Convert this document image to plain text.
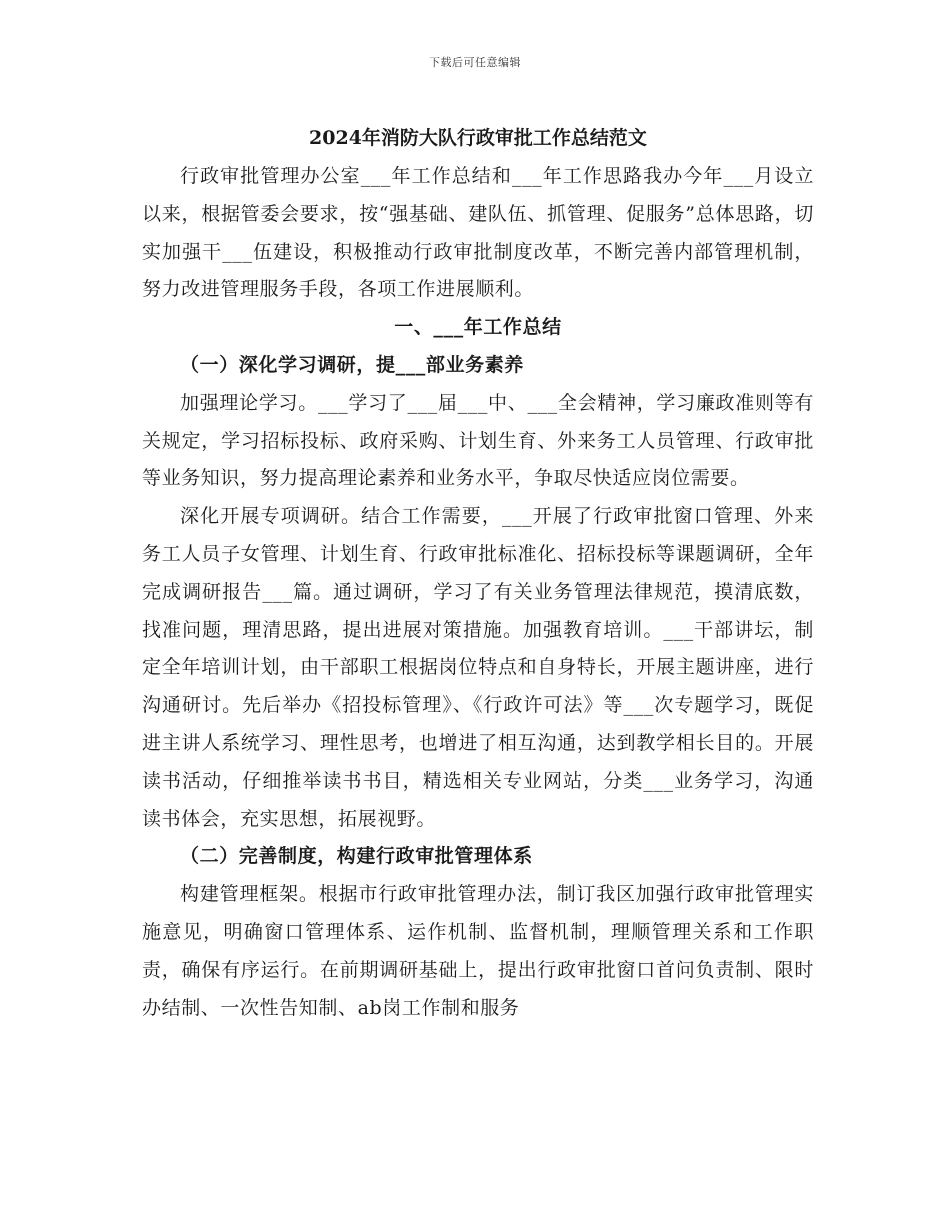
下载后可任意编辑
2024年消防大队行政审批工作总结范文

行政审批管理办公室___年工作总结和___年工作思路我办今年___月设立以来，根据管委会要求，按“强基础、建队伍、抓管理、促服务”总体思路，切实加强干___伍建设，积极推动行政审批制度改革，不断完善内部管理机制，努力改进管理服务手段，各项工作进展顺利。

一、___年工作总结

（一）深化学习调研，提___部业务素养

加强理论学习。___学习了___届___中、___全会精神，学习廉政准则等有关规定，学习招标投标、政府采购、计划生育、外来务工人员管理、行政审批等业务知识，努力提高理论素养和业务水平，争取尽快适应岗位需要。

深化开展专项调研。结合工作需要，___开展了行政审批窗口管理、外来务工人员子女管理、计划生育、行政审批标准化、招标投标等课题调研，全年完成调研报告___篇。通过调研，学习了有关业务管理法律规范，摸清底数，找准问题，理清思路，提出进展对策措施。加强教育培训。___干部讲坛，制定全年培训计划，由干部职工根据岗位特点和自身特长，开展主题讲座，进行沟通研讨。先后举办《招投标管理》、《行政许可法》等___次专题学习，既促进主讲人系统学习、理性思考，也增进了相互沟通，达到教学相长目的。开展读书活动，仔细推举读书书目，精选相关专业网站，分类___业务学习，沟通读书体会，充实思想，拓展视野。

（二）完善制度，构建行政审批管理体系

构建管理框架。根据市行政审批管理办法，制订我区加强行政审批管理实施意见，明确窗口管理体系、运作机制、监督机制，理顺管理关系和工作职责，确保有序运行。在前期调研基础上，提出行政审批窗口首问负责制、限时办结制、一次性告知制、ab岗工作制和服务
